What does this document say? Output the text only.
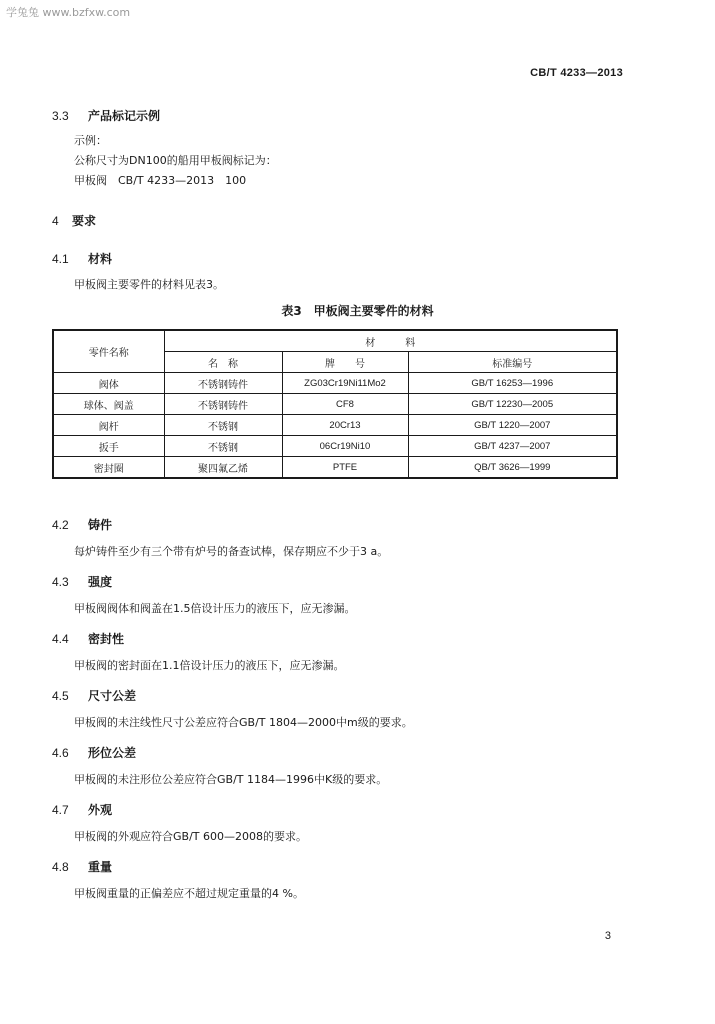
学兔兔 www.bzfxw.com
CB/T 4233—2013
3.3 产品标记示例
示例：
公称尺寸为DN100的船用甲板阀标记为：
甲板阀　CB/T 4233—2013　100
4 要求
4.1 材料
甲板阀主要零件的材料见表3。
表3　甲板阀主要零件的材料
零件名称	材　　　料		
	名　称	牌　　号	标准编号
阀体	不锈钢铸件	ZG03Cr19Ni11Mo2	GB/T 16253—1996
球体、阀盖	不锈钢铸件	CF8	GB/T 12230—2005
阀杆	不锈钢	20Cr13	GB/T 1220—2007
扳手	不锈钢	06Cr19Ni10	GB/T 4237—2007
密封圈	聚四氟乙烯	PTFE	QB/T 3626—1999
4.2 铸件
每炉铸件至少有三个带有炉号的备查试棒，保存期应不少于3 a。
4.3 强度
甲板阀阀体和阀盖在1.5倍设计压力的液压下，应无渗漏。
4.4 密封性
甲板阀的密封面在1.1倍设计压力的液压下，应无渗漏。
4.5 尺寸公差
甲板阀的未注线性尺寸公差应符合GB/T 1804—2000中m级的要求。
4.6 形位公差
甲板阀的未注形位公差应符合GB/T 1184—1996中K级的要求。
4.7 外观
甲板阀的外观应符合GB/T 600—2008的要求。
4.8 重量
甲板阀重量的正偏差应不超过规定重量的4 %。
3
